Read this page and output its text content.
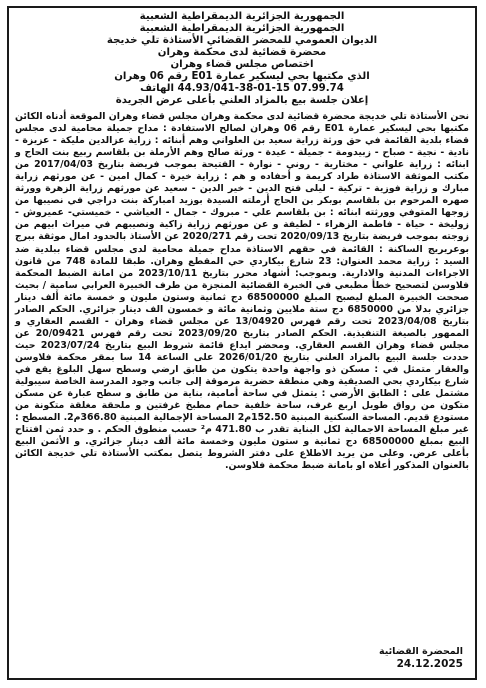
الجمهورية الجزائرية الديمقراطية الشعبية
الجمهورية الجزائرية الديمقراطية الشعبية
الديوان العمومي للمحضر القضائي الأستاذة تلي خديجة
محضرة قضائية لدى محكمة وهران
اختصاص مجلس قضاء وهران
الذي مكتبها بحي ليسكير عمارة E01 رقم 06 وهران
07.99.74 44.93/041-38-01-15 الهاتف
إعلان جلسة بيع بالمزاد العلني بأعلى عرض الجريدة
نحن الأستاذة تلي خديجة محضرة قضائية لدى محكمة وهران مجلس قضاء وهران الموقعة أدناه الكائن مكتبها بحي ليسكير عمارة E01 رقم 06 وهران لصالح الاستفادة : مداح جميلة محامية لدى مجلس قضاء بلدية القائمة في حق ورثة زراية سعيد بن العلواني وهم أبنائه : زراية عزالدين مليكة - عزيزة - نادية - نجية - صباح - زبيدومة - جميلة - عيدة - ورثة صالح وهم الأرملة بن بلقاسم ربيع بنت الحاج و ابنائه : زراية علواني - مختارية - روني - نوارة - الفتيحة بموجب فريضة بتاريخ 2017/04/03 من مكتب الموثقة الاستاذة طراد كريمة و أحفاده و هم : زراية خيرة - كمال امين - عن مورثهم زراية مبارك و زراية فوزية - تركية - ليلى فتح الدين - خير الدين - سعيد عن مورثهم زراية الزهرة وورثة صهره المرحوم بن بلقاسم بوبكر بن الحاج أرملته السيدة بوزيد امباركة بنت دراجي في نصيبها من زوجها المتوفي وورثته ابنائه : بن بلقاسم علي - مبروك - جمال - العياشي - خميستي- عميروش - زوليخة - حياة - فاطمة الزهراء - لطيفة و عن مورثهم زراية زاكية ونصيبهم في ميراث ابيهم من زوجته بموجب فريضة بتاريخ 2020/09/13 تحت رقم 2020/271 عن الأستاذ بالحدود امال موثقة ببرج بوعريريج الساكنة : القائمة في حقهم الاستاذة مداح جميلة محامية لدى مجلس قضاء ببلدية ضد السيد : زراية محمد العنوان: 23 شارع بيكاردي حي المقطع وهران. طبقا للمادة 748 من قانون الاجراءات المدنية والادارية. وبموجب: أشهاد محرر بتاريخ 2023/10/11 من امانة الضبط المحكمة فلاوسن لتصحيح خطأ مطبعي في الخبرة القضائية المنجزة من طرف الخبيرة العرابي سامية / بحيث صححت الخبيرة المبلغ ليصبح المبلغ 68500000 دج ثمانية وستون مليون و خمسة مائة ألف دينار جزائري بدلا من 6850000 دج ستة ملايين وثمانية مائة و خمسون الف دينار جزائري. الحكم الصادر بتاريخ 2023/04/08 تحت رقم فهرس 13/04920 عن مجلس قضاء وهران - القسم العقاري و الممهور بالصيغة التنفيذية. الحكم الصادر بتاريخ 2023/09/20 تحت رقم فهرس 20/09421 عن مجلس قضاء وهران القسم العقاري. ومحضر ايداع قائمة شروط البيع بتاريخ 2023/07/24 حيث حددت جلسة البيع بالمزاد العلني بتاريخ 2026/01/20 على الساعة 14 سا بمقر محكمة فلاوسن والعقار متمثل في : مسكن ذو واجهة واحدة يتكون من طابق ارضي وسطح سهل البلوغ يقع في شارع بيكاردي بحي الصديقية وهي منطقة حضرية مرموقة إلى جانب وجود المدرسة الخاصة سيبولية مشتمل على : الطابق الأرضي : يتمثل في ساحة أمامية، بناية من طابق و سطح عبارة عن مسكن متكون من رواق طويل اربع غرف، ساحة خلفية حمام مطبخ غرفتين و ملحقة مغلقة متكونة من مستودع قديم. المساحة السكنية المبنية 152.50م2 المساحة الإجمالية المبنية 366.80م2. المسطح : غير مبلغ المساحة الاجمالية لكل البناية تقدر ب 471.80 م² حسب منطوق الحكم . و حدد ثمن افتتاح البيع بمبلغ 68500000 دج ثمانية و ستون مليون وخمسة مائة ألف دينار جزائري. و الأثمن البيع بأعلى عرض. وعلى من يريد الاطلاع على دفتر الشروط يتصل بمكتب الأستاذة تلي خديجة الكائن بالعنوان المذكور أعلاه او بامانة ضبط محكمة فلاوسن.
المحضرة القضائية
24.12.2025
